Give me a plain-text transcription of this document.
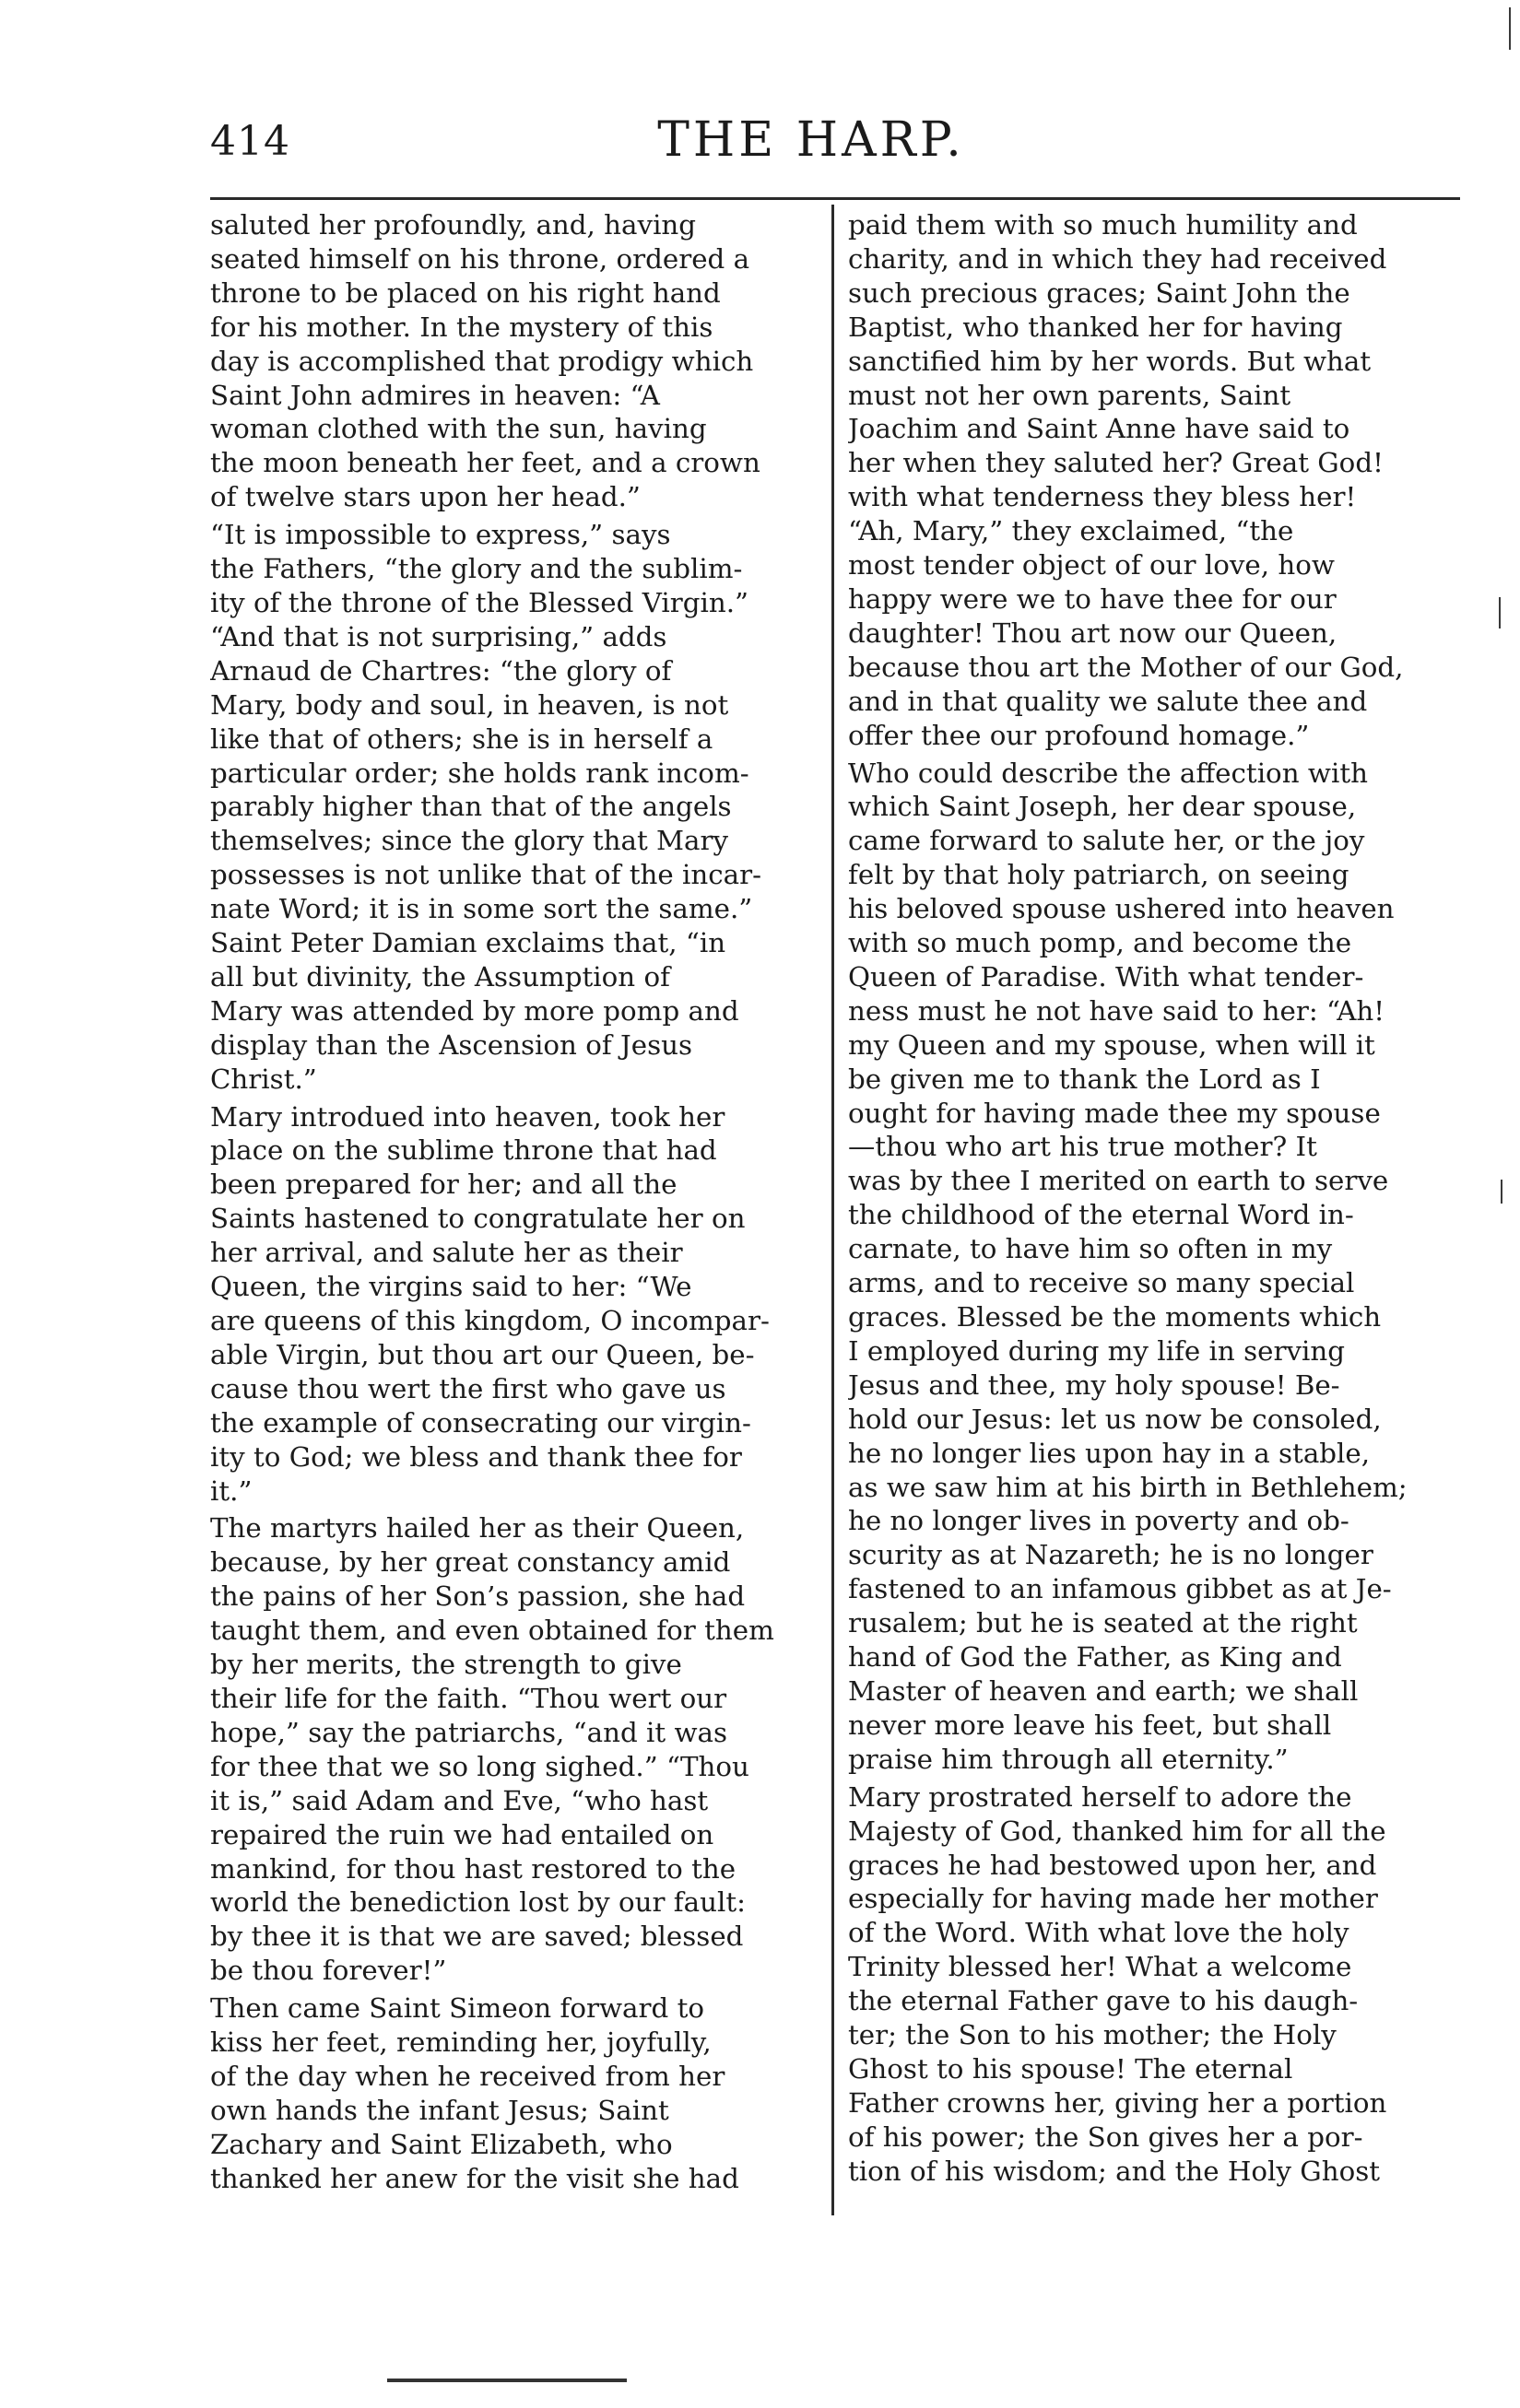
414	THE HARP.

saluted her profoundly, and, having
seated himself on his throne, ordered a
throne to be placed on his right hand
for his mother. In the mystery of this
day is accomplished that prodigy which
Saint John admires in heaven: “A
woman clothed with the sun, having
the moon beneath her feet, and a crown
of twelve stars upon her head.”

“It is impossible to express,” says
the Fathers, “the glory and the sublim-
ity of the throne of the Blessed Virgin.”
“And that is not surprising,” adds
Arnaud de Chartres: “the glory of
Mary, body and soul, in heaven, is not
like that of others; she is in herself a
particular order; she holds rank incom-
parably higher than that of the angels
themselves; since the glory that Mary
possesses is not unlike that of the incar-
nate Word; it is in some sort the same.”
Saint Peter Damian exclaims that, “in
all but divinity, the Assumption of
Mary was attended by more pomp and
display than the Ascension of Jesus
Christ.”

Mary introdued into heaven, took her
place on the sublime throne that had
been prepared for her; and all the
Saints hastened to congratulate her on
her arrival, and salute her as their
Queen, the virgins said to her: “We
are queens of this kingdom, O incompar-
able Virgin, but thou art our Queen, be-
cause thou wert the first who gave us
the example of consecrating our virgin-
ity to God; we bless and thank thee for
it.”

The martyrs hailed her as their Queen,
because, by her great constancy amid
the pains of her Son’s passion, she had
taught them, and even obtained for them
by her merits, the strength to give
their life for the faith. “Thou wert our
hope,” say the patriarchs, “and it was
for thee that we so long sighed.” “Thou
it is,” said Adam and Eve, “who hast
repaired the ruin we had entailed on
mankind, for thou hast restored to the
world the benediction lost by our fault:
by thee it is that we are saved; blessed
be thou forever!”

Then came Saint Simeon forward to
kiss her feet, reminding her, joyfully,
of the day when he received from her
own hands the infant Jesus; Saint
Zachary and Saint Elizabeth, who
thanked her anew for the visit she had

paid them with so much humility and
charity, and in which they had received
such precious graces; Saint John the
Baptist, who thanked her for having
sanctified him by her words. But what
must not her own parents, Saint
Joachim and Saint Anne have said to
her when they saluted her? Great God!
with what tenderness they bless her!
“Ah, Mary,” they exclaimed, “the
most tender object of our love, how
happy were we to have thee for our
daughter! Thou art now our Queen,
because thou art the Mother of our God,
and in that quality we salute thee and
offer thee our profound homage.”

Who could describe the affection with
which Saint Joseph, her dear spouse,
came forward to salute her, or the joy
felt by that holy patriarch, on seeing
his beloved spouse ushered into heaven
with so much pomp, and become the
Queen of Paradise. With what tender-
ness must he not have said to her: “Ah!
my Queen and my spouse, when will it
be given me to thank the Lord as I
ought for having made thee my spouse
—thou who art his true mother? It
was by thee I merited on earth to serve
the childhood of the eternal Word in-
carnate, to have him so often in my
arms, and to receive so many special
graces. Blessed be the moments which
I employed during my life in serving
Jesus and thee, my holy spouse! Be-
hold our Jesus: let us now be consoled,
he no longer lies upon hay in a stable,
as we saw him at his birth in Bethlehem;
he no longer lives in poverty and ob-
scurity as at Nazareth; he is no longer
fastened to an infamous gibbet as at Je-
rusalem; but he is seated at the right
hand of God the Father, as King and
Master of heaven and earth; we shall
never more leave his feet, but shall
praise him through all eternity.”

Mary prostrated herself to adore the
Majesty of God, thanked him for all the
graces he had bestowed upon her, and
especially for having made her mother
of the Word. With what love the holy
Trinity blessed her! What a welcome
the eternal Father gave to his daugh-
ter; the Son to his mother; the Holy
Ghost to his spouse! The eternal
Father crowns her, giving her a portion
of his power; the Son gives her a por-
tion of his wisdom; and the Holy Ghost
